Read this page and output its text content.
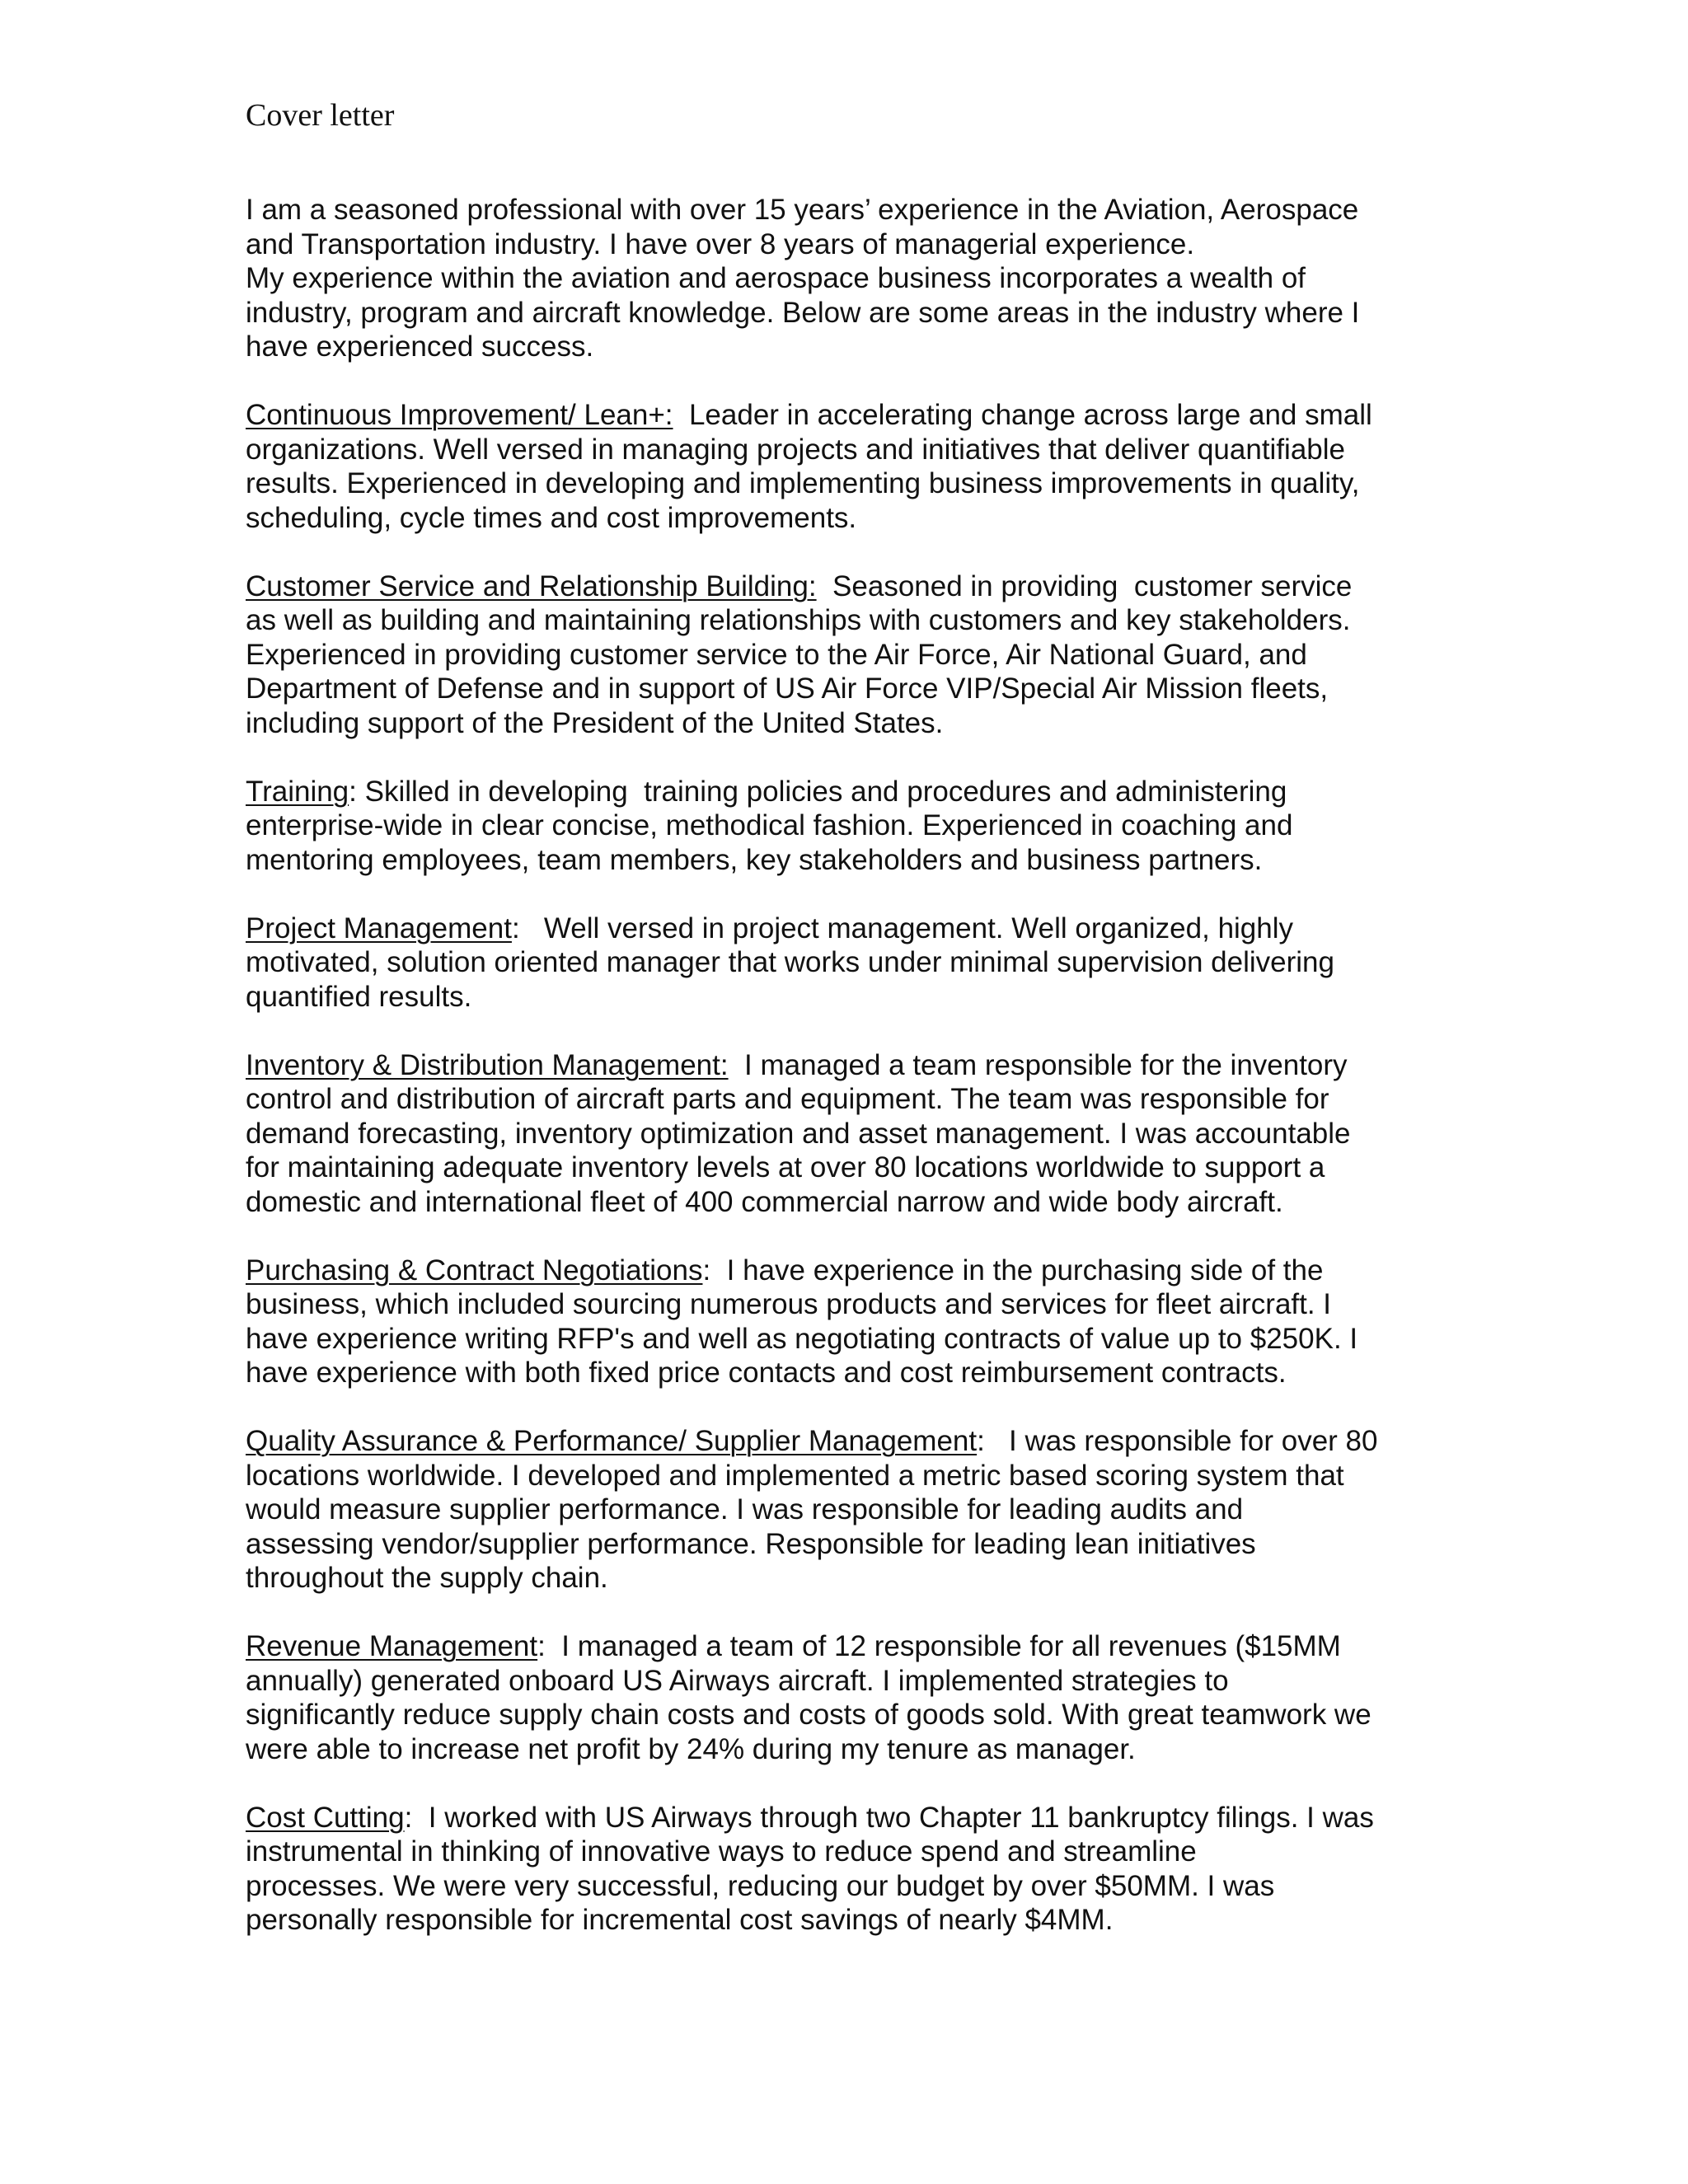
Cover letter

I am a seasoned professional with over 15 years’ experience in the Aviation, Aerospace
and Transportation industry. I have over 8 years of managerial experience.
My experience within the aviation and aerospace business incorporates a wealth of
industry, program and aircraft knowledge. Below are some areas in the industry where I
have experienced success.

Continuous Improvement/ Lean+:  Leader in accelerating change across large and small
organizations. Well versed in managing projects and initiatives that deliver quantifiable
results. Experienced in developing and implementing business improvements in quality,
scheduling, cycle times and cost improvements.

Customer Service and Relationship Building:  Seasoned in providing  customer service
as well as building and maintaining relationships with customers and key stakeholders.
Experienced in providing customer service to the Air Force, Air National Guard, and
Department of Defense and in support of US Air Force VIP/Special Air Mission fleets,
including support of the President of the United States.

Training: Skilled in developing  training policies and procedures and administering
enterprise-wide in clear concise, methodical fashion. Experienced in coaching and
mentoring employees, team members, key stakeholders and business partners.

Project Management:   Well versed in project management. Well organized, highly
motivated, solution oriented manager that works under minimal supervision delivering
quantified results.

Inventory & Distribution Management:  I managed a team responsible for the inventory
control and distribution of aircraft parts and equipment. The team was responsible for
demand forecasting, inventory optimization and asset management. I was accountable
for maintaining adequate inventory levels at over 80 locations worldwide to support a
domestic and international fleet of 400 commercial narrow and wide body aircraft.

Purchasing & Contract Negotiations:  I have experience in the purchasing side of the
business, which included sourcing numerous products and services for fleet aircraft. I
have experience writing RFP's and well as negotiating contracts of value up to $250K. I
have experience with both fixed price contacts and cost reimbursement contracts.

Quality Assurance & Performance/ Supplier Management:   I was responsible for over 80
locations worldwide. I developed and implemented a metric based scoring system that
would measure supplier performance. I was responsible for leading audits and
assessing vendor/supplier performance. Responsible for leading lean initiatives
throughout the supply chain.

Revenue Management:  I managed a team of 12 responsible for all revenues ($15MM
annually) generated onboard US Airways aircraft. I implemented strategies to
significantly reduce supply chain costs and costs of goods sold. With great teamwork we
were able to increase net profit by 24% during my tenure as manager.

Cost Cutting:  I worked with US Airways through two Chapter 11 bankruptcy filings. I was
instrumental in thinking of innovative ways to reduce spend and streamline
processes. We were very successful, reducing our budget by over $50MM. I was
personally responsible for incremental cost savings of nearly $4MM.
